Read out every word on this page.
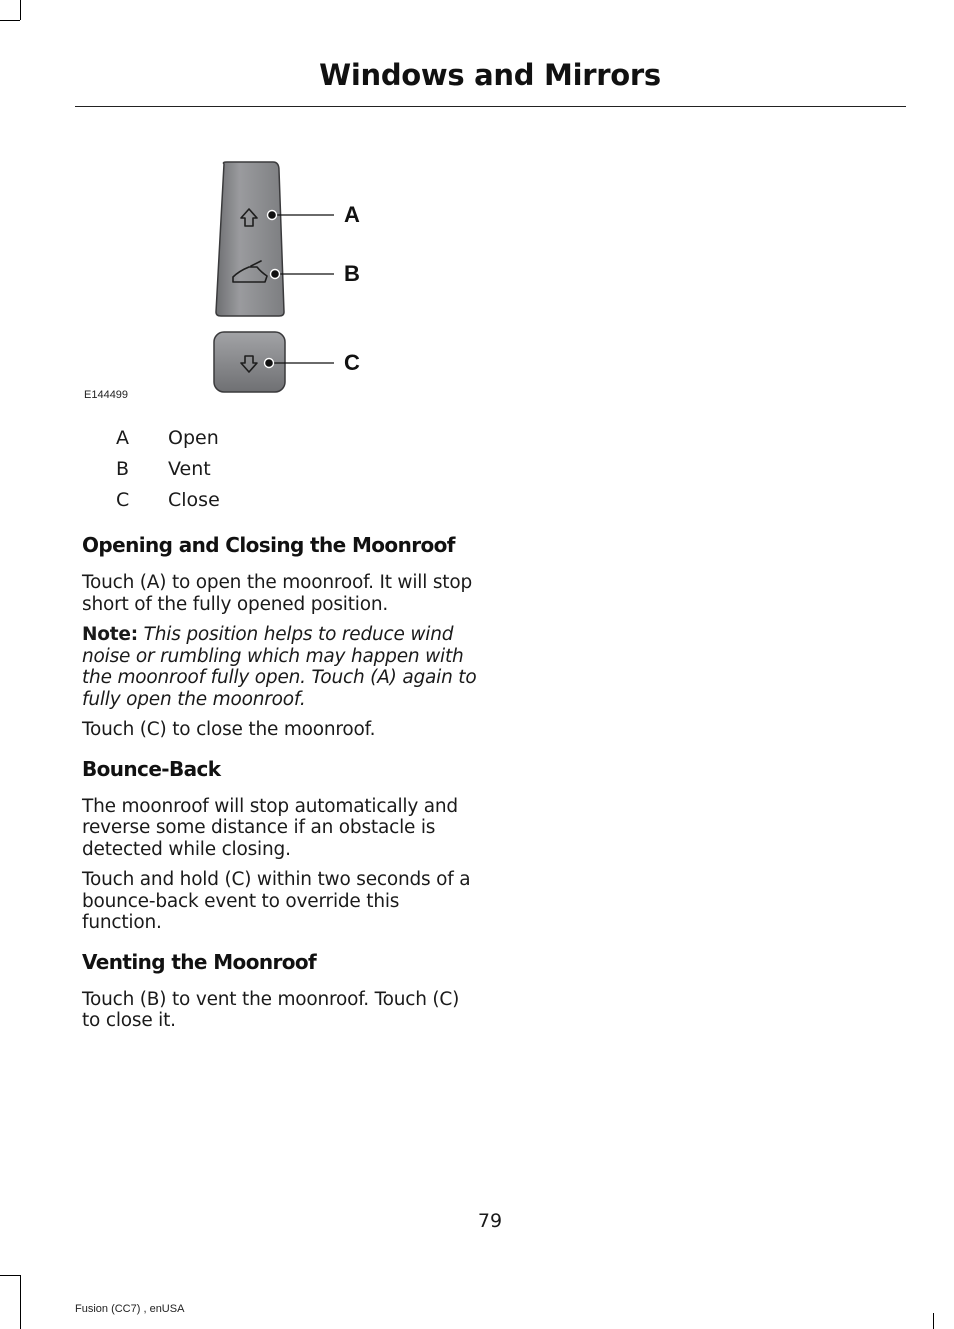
Windows and Mirrors
A
B
C
E144499
A	Open
B	Vent
C	Close
Opening and Closing the Moonroof

Touch (A) to open the moonroof. It will stop short of the fully opened position.

Note: This position helps to reduce wind noise or rumbling which may happen with the moonroof fully open. Touch (A) again to fully open the moonroof.

Touch (C) to close the moonroof.

Bounce-Back

The moonroof will stop automatically and reverse some distance if an obstacle is detected while closing.

Touch and hold (C) within two seconds of a bounce-back event to override this function.

Venting the Moonroof

Touch (B) to vent the moonroof. Touch (C) to close it.

79
Fusion (CC7) , enUSA
